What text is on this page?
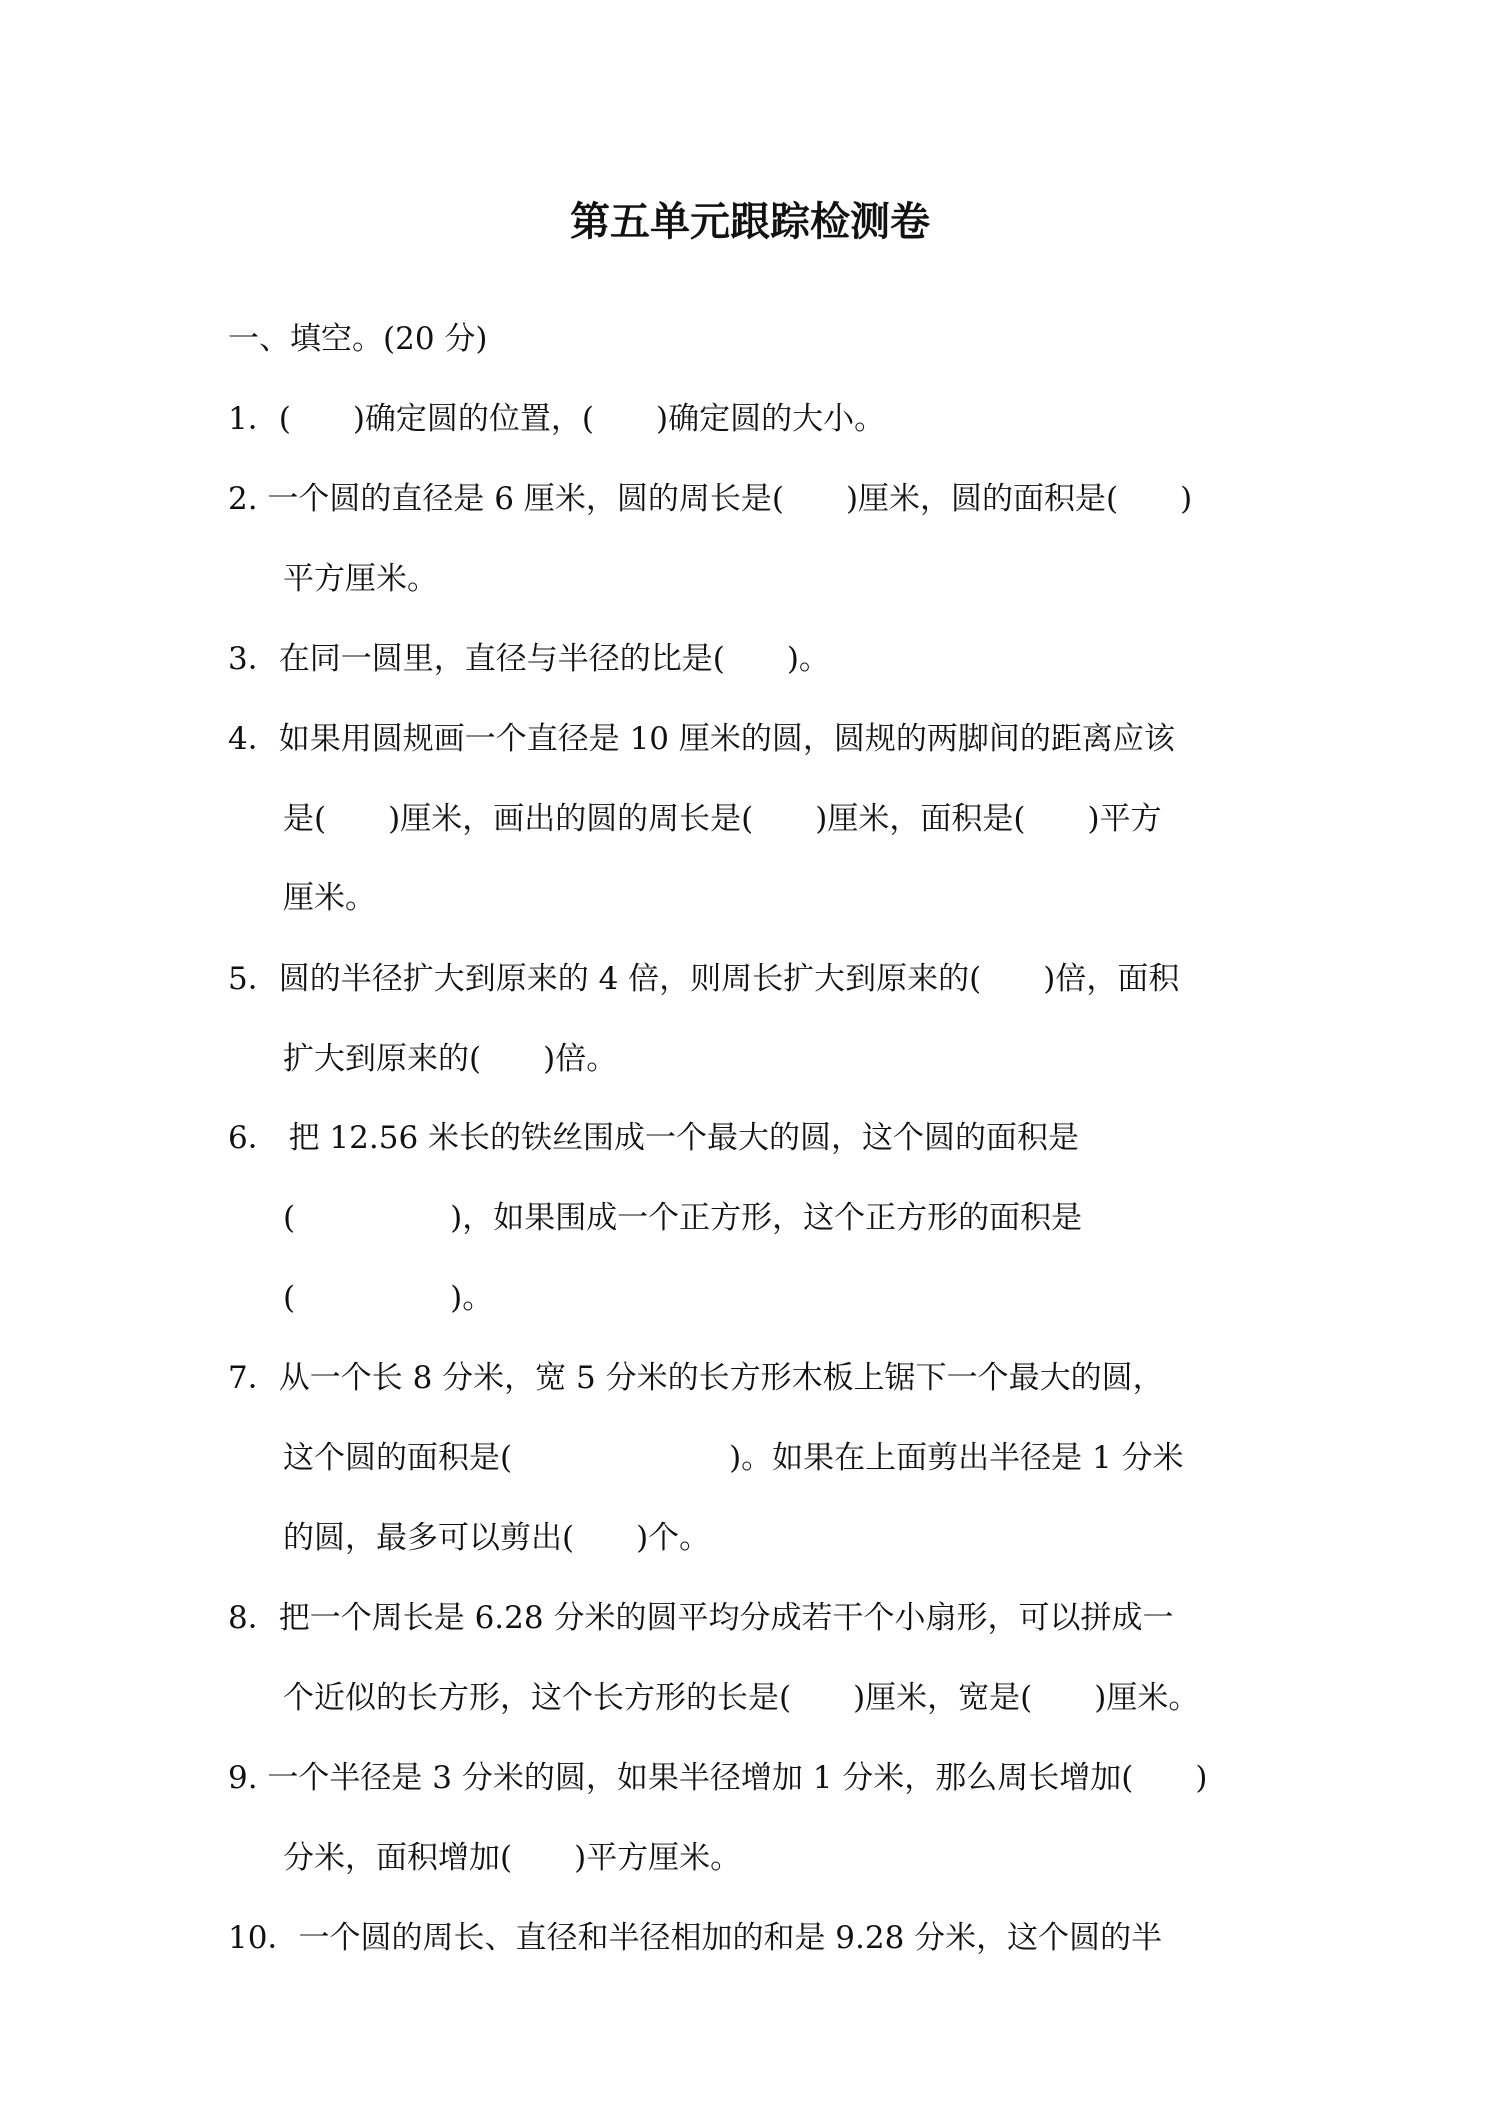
第五单元跟踪检测卷
一、填空。(20 分)
1．(　　)确定圆的位置，(　　)确定圆的大小。
2. 一个圆的直径是 6 厘米，圆的周长是(　　)厘米，圆的面积是(　　)
平方厘米。
3．在同一圆里，直径与半径的比是(　　)。
4．如果用圆规画一个直径是 10 厘米的圆，圆规的两脚间的距离应该
是(　　)厘米，画出的圆的周长是(　　)厘米，面积是(　　)平方
厘米。
5．圆的半径扩大到原来的 4 倍，则周长扩大到原来的(　　)倍，面积
扩大到原来的(　　)倍。
6． 把 12.56 米长的铁丝围成一个最大的圆，这个圆的面积是
(　　　　　)，如果围成一个正方形，这个正方形的面积是
(　　　　　)。
7．从一个长 8 分米，宽 5 分米的长方形木板上锯下一个最大的圆，
这个圆的面积是(　　　　　　　)。如果在上面剪出半径是 1 分米
的圆，最多可以剪出(　　)个。
8．把一个周长是 6.28 分米的圆平均分成若干个小扇形，可以拼成一
个近似的长方形，这个长方形的长是(　　)厘米，宽是(　　)厘米。
9. 一个半径是 3 分米的圆，如果半径增加 1 分米，那么周长增加(　　)
分米，面积增加(　　)平方厘米。
10．一个圆的周长、直径和半径相加的和是 9.28 分米，这个圆的半
